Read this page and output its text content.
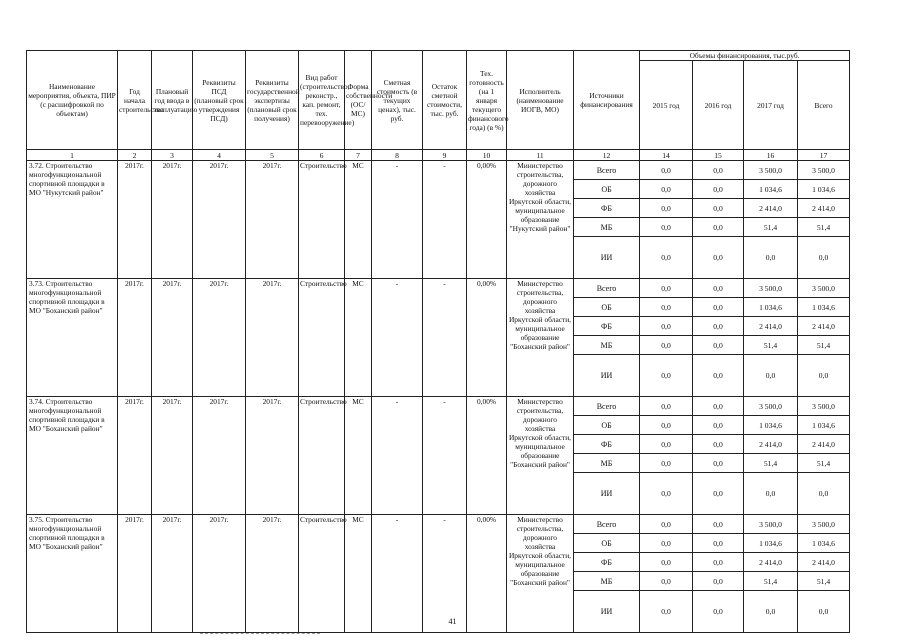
Наименование мероприятия, объекта, ПИР (с расшифровкой по объектам)	Год начала строительства	Плановый год ввода в эксплуатацию	Реквизиты ПСД (плановый срок утверждения ПСД)	Реквизиты государственной экспертизы (плановый срок получения)	Вид работ (строительство, реконстр., кап. ремонт, тех. перевооружение)	Форма собственности (ОС/МС)	Сметная стоимость (в текущих ценах), тыс. руб.	Остаток сметной стоимости, тыс. руб.	Тех. готовность (на 1 января текущего финансового года) (в %)	Исполнитель (наименование ИОГВ, МО)	Источники финансирования	Объемы финансирования, тыс.руб.			
												2015 год	2016 год	2017 год	Всего
1	2	3	4	5	6	7	8	9	10	11	12	14	15	16	17
3.72. Строительство многофункциональной спортивной площадки в МО "Нукутский район"	2017г.	2017г.	2017г.	2017г.	Строительство	МС	-	-	0,00%	Министерство строительства, дорожного хозяйства Иркутской области, муниципальное образование "Нукутский район"	Всего	0,0	0,0	3 500,0	3 500,0
											ОБ	0,0	0,0	1 034,6	1 034,6
											ФБ	0,0	0,0	2 414,0	2 414,0
											МБ	0,0	0,0	51,4	51,4
											ИИ	0,0	0,0	0,0	0,0
3.73. Строительство многофункциональной спортивной площадки в МО "Боханский район"	2017г.	2017г.	2017г.	2017г.	Строительство	МС	-	-	0,00%	Министерство строительства, дорожного хозяйства Иркутской области, муниципальное образование "Боханский район"	Всего	0,0	0,0	3 500,0	3 500,0
											ОБ	0,0	0,0	1 034,6	1 034,6
											ФБ	0,0	0,0	2 414,0	2 414,0
											МБ	0,0	0,0	51,4	51,4
											ИИ	0,0	0,0	0,0	0,0
3.74. Строительство многофункциональной спортивной площадки в МО "Боханский район"	2017г.	2017г.	2017г.	2017г.	Строительство	МС	-	-	0,00%	Министерство строительства, дорожного хозяйства Иркутской области, муниципальное образование "Боханский район"	Всего	0,0	0,0	3 500,0	3 500,0
											ОБ	0,0	0,0	1 034,6	1 034,6
											ФБ	0,0	0,0	2 414,0	2 414,0
											МБ	0,0	0,0	51,4	51,4
											ИИ	0,0	0,0	0,0	0,0
3.75. Строительство многофункциональной спортивной площадки в МО "Боханский район"	2017г.	2017г.	2017г.	2017г.	Строительство	МС	-	-	0,00%	Министерство строительства, дорожного хозяйства Иркутской области, муниципальное образование "Боханский район"	Всего	0,0	0,0	3 500,0	3 500,0
											ОБ	0,0	0,0	1 034,6	1 034,6
											ФБ	0,0	0,0	2 414,0	2 414,0
											МБ	0,0	0,0	51,4	51,4
											ИИ	0,0	0,0	0,0	0,0
41
